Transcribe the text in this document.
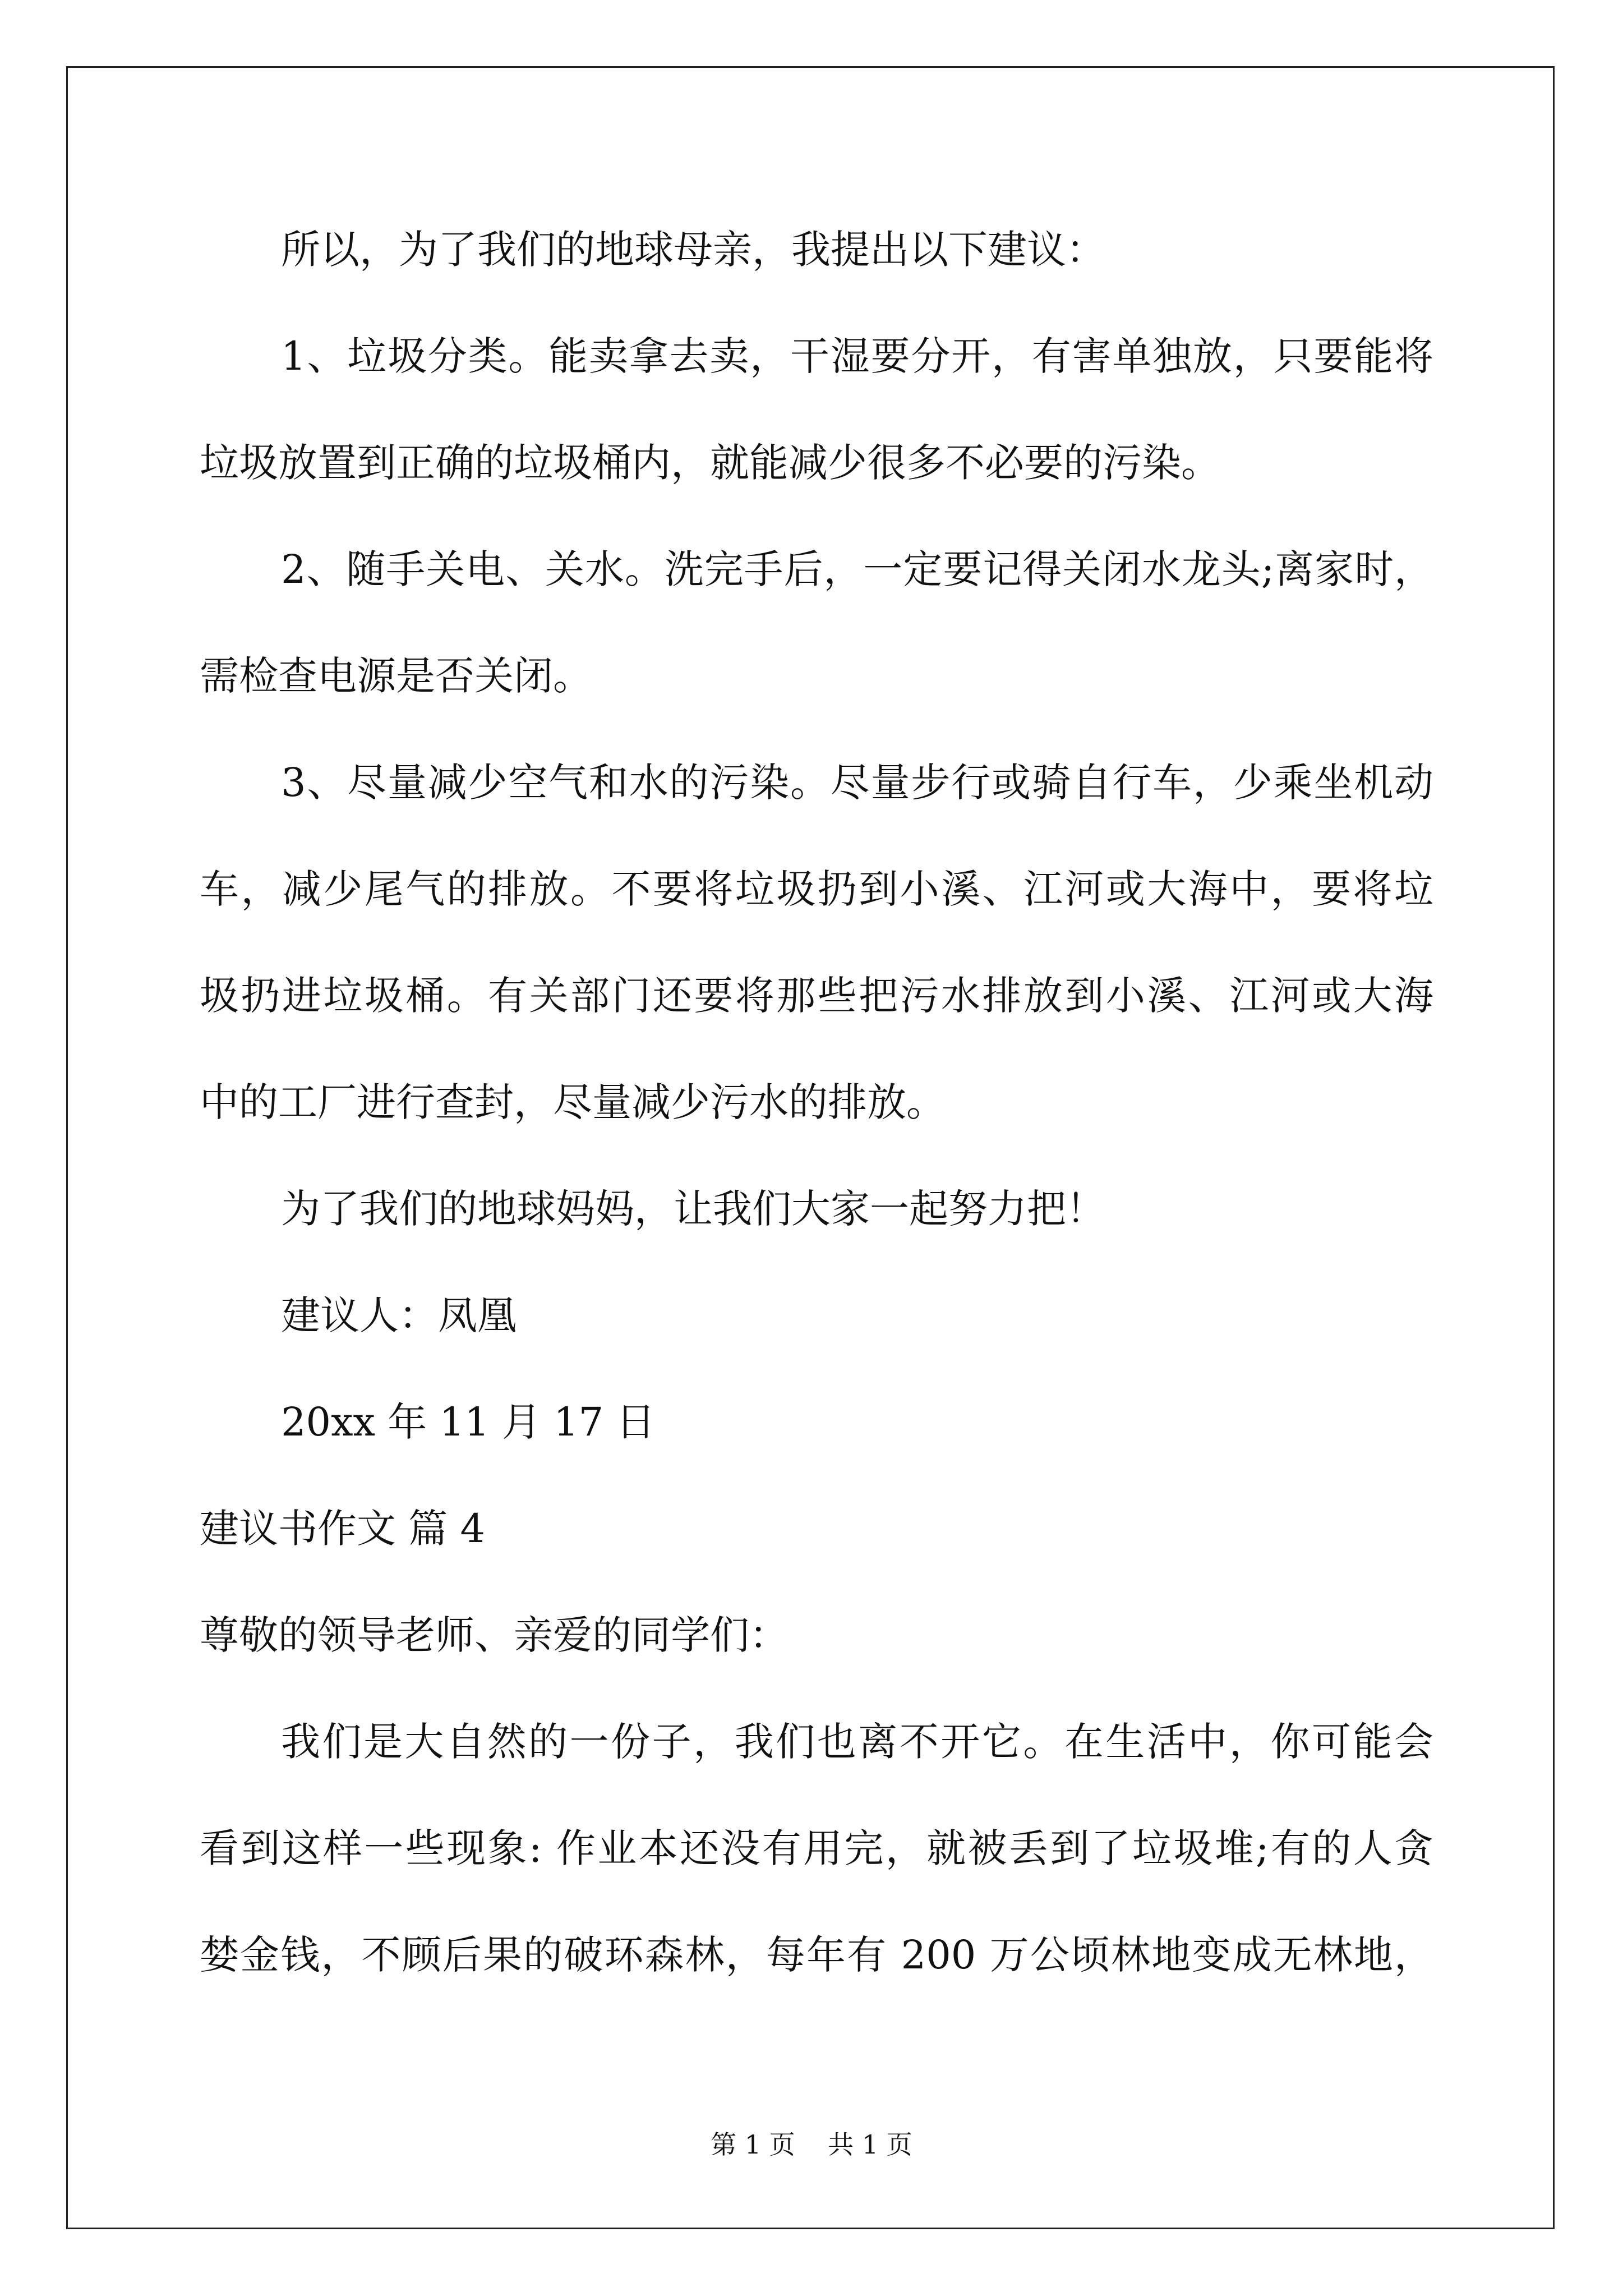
所以，为了我们的地球母亲，我提出以下建议：
1、垃圾分类。能卖拿去卖，干湿要分开，有害单独放，只要能将
垃圾放置到正确的垃圾桶内，就能减少很多不必要的污染。
2、随手关电、关水。洗完手后，一定要记得关闭水龙头;离家时，
需检查电源是否关闭。
3、尽量减少空气和水的污染。尽量步行或骑自行车，少乘坐机动
车，减少尾气的排放。不要将垃圾扔到小溪、江河或大海中，要将垃
圾扔进垃圾桶。有关部门还要将那些把污水排放到小溪、江河或大海
中的工厂进行查封，尽量减少污水的排放。
为了我们的地球妈妈，让我们大家一起努力把！
建议人：凤凰
20xx 年 11 月 17 日
建议书作文 篇 4
尊敬的领导老师、亲爱的同学们：
我们是大自然的一份子，我们也离不开它。在生活中，你可能会
看到这样一些现象: 作业本还没有用完，就被丢到了垃圾堆;有的人贪
婪金钱，不顾后果的破环森林，每年有 200 万公顷林地变成无林地，
第 1 页    共 1 页
